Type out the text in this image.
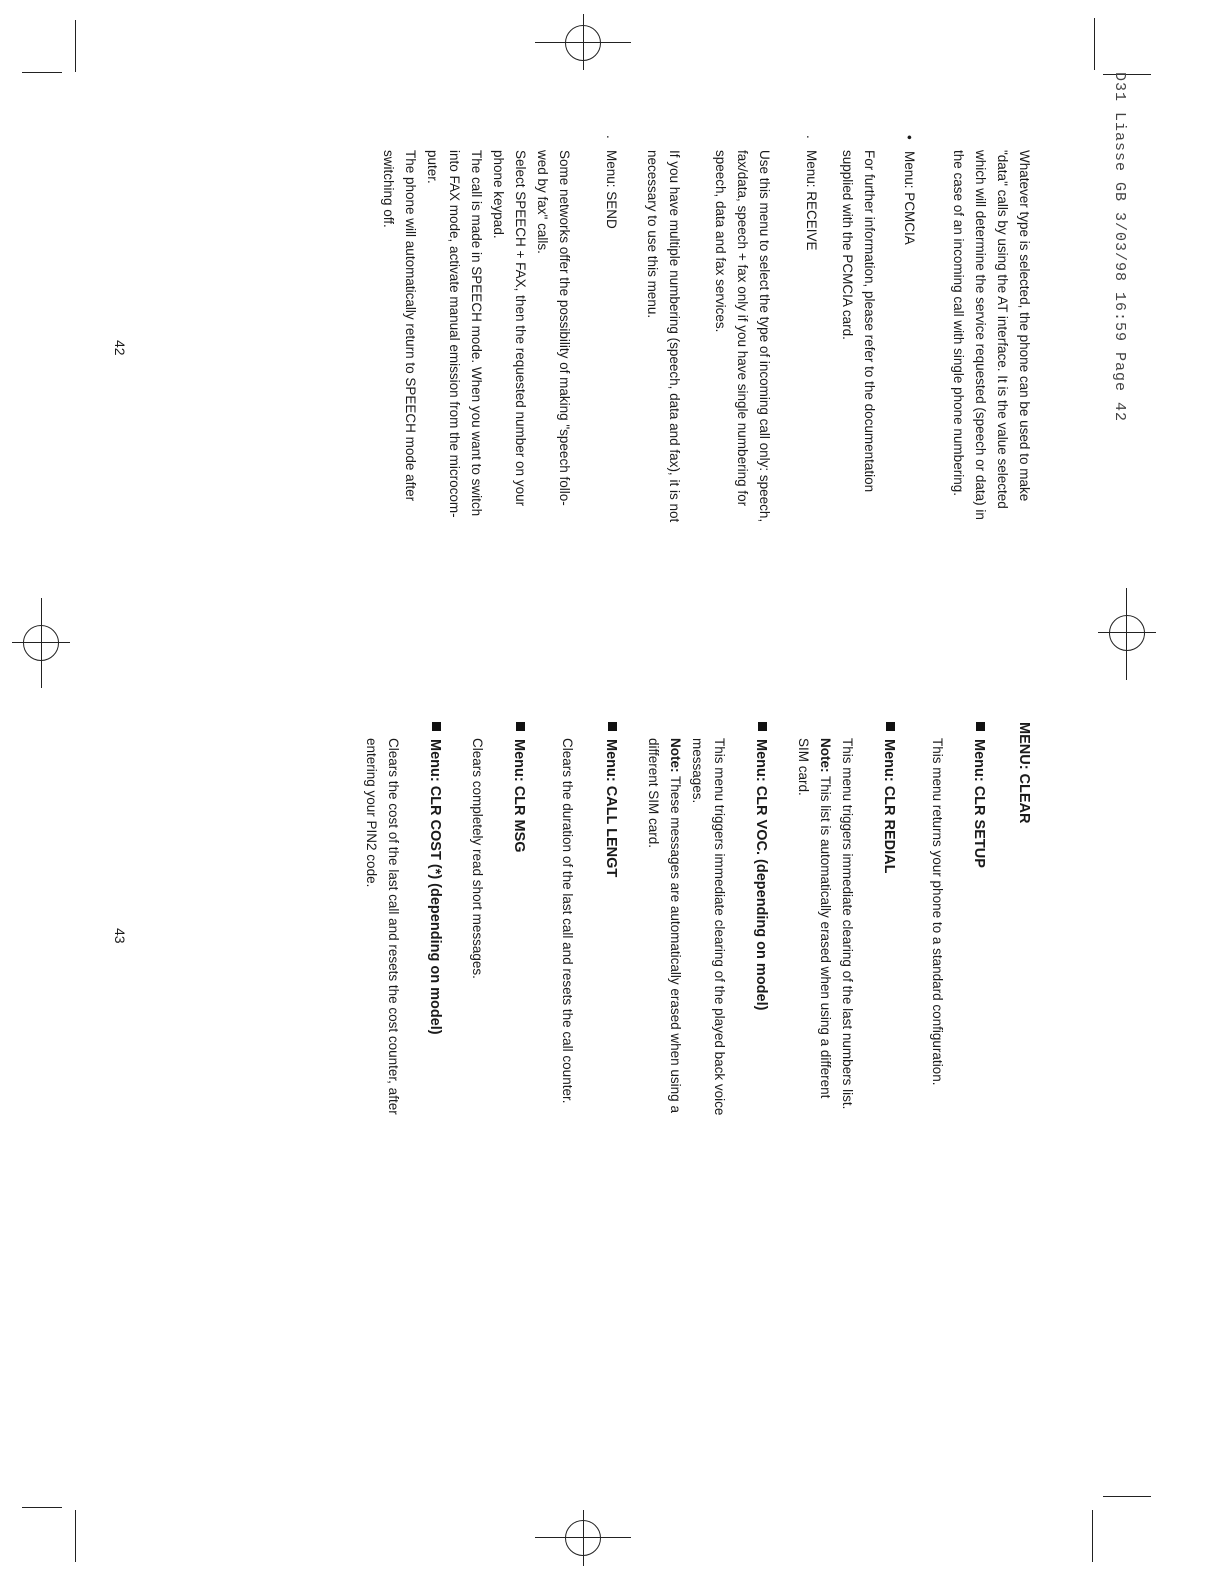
D31 Liasse GB 3/03/98 16:59 Page 42
Whatever type is selected, the phone can be used to make
"data" calls by using the AT interface. It is the value selected
which will determine the service requested (speech or data) in
the case of an incoming call with single phone numbering.
•   Menu: PCMCIA
For further information, please refer to the documentation
supplied with the PCMCIA card.
.   Menu: RECEIVE
Use this menu to select the type of incoming call only: speech,
fax/data, speech + fax only if you have single numbering for
speech, data and fax services.
If you have multiple numbering (speech, data and fax), it is not
necessary to use this menu.
.   Menu: SEND
Some networks offer the possibility of making "speech follo-
wed by fax" calls.
Select SPEECH + FAX, then the requested number on your
phone keypad.
The call is made in SPEECH mode. When you want to switch
into FAX mode, activate manual emission from the microcom-
puter.
The phone will automatically return to SPEECH mode after
switching off.
42
MENU: CLEAR
Menu: CLR SETUP
This menu returns your phone to a standard configuration.
Menu: CLR REDIAL
This menu triggers immediate clearing of the last numbers list.
Note: This list is automatically erased when using a different
SIM card.
Menu: CLR VOC. (depending on model)
This menu triggers immediate clearing of the played back voice
messages.
Note: These messages are automatically erased when using a
different SIM card.
Menu: CALL LENGT
Clears the duration of the last call and resets the call counter.
Menu: CLR MSG
Clears completely read short messages.
Menu: CLR COST (*) (depending on model)
Clears the cost of the last call and resets the cost counter, after
entering your PIN2 code.
43
